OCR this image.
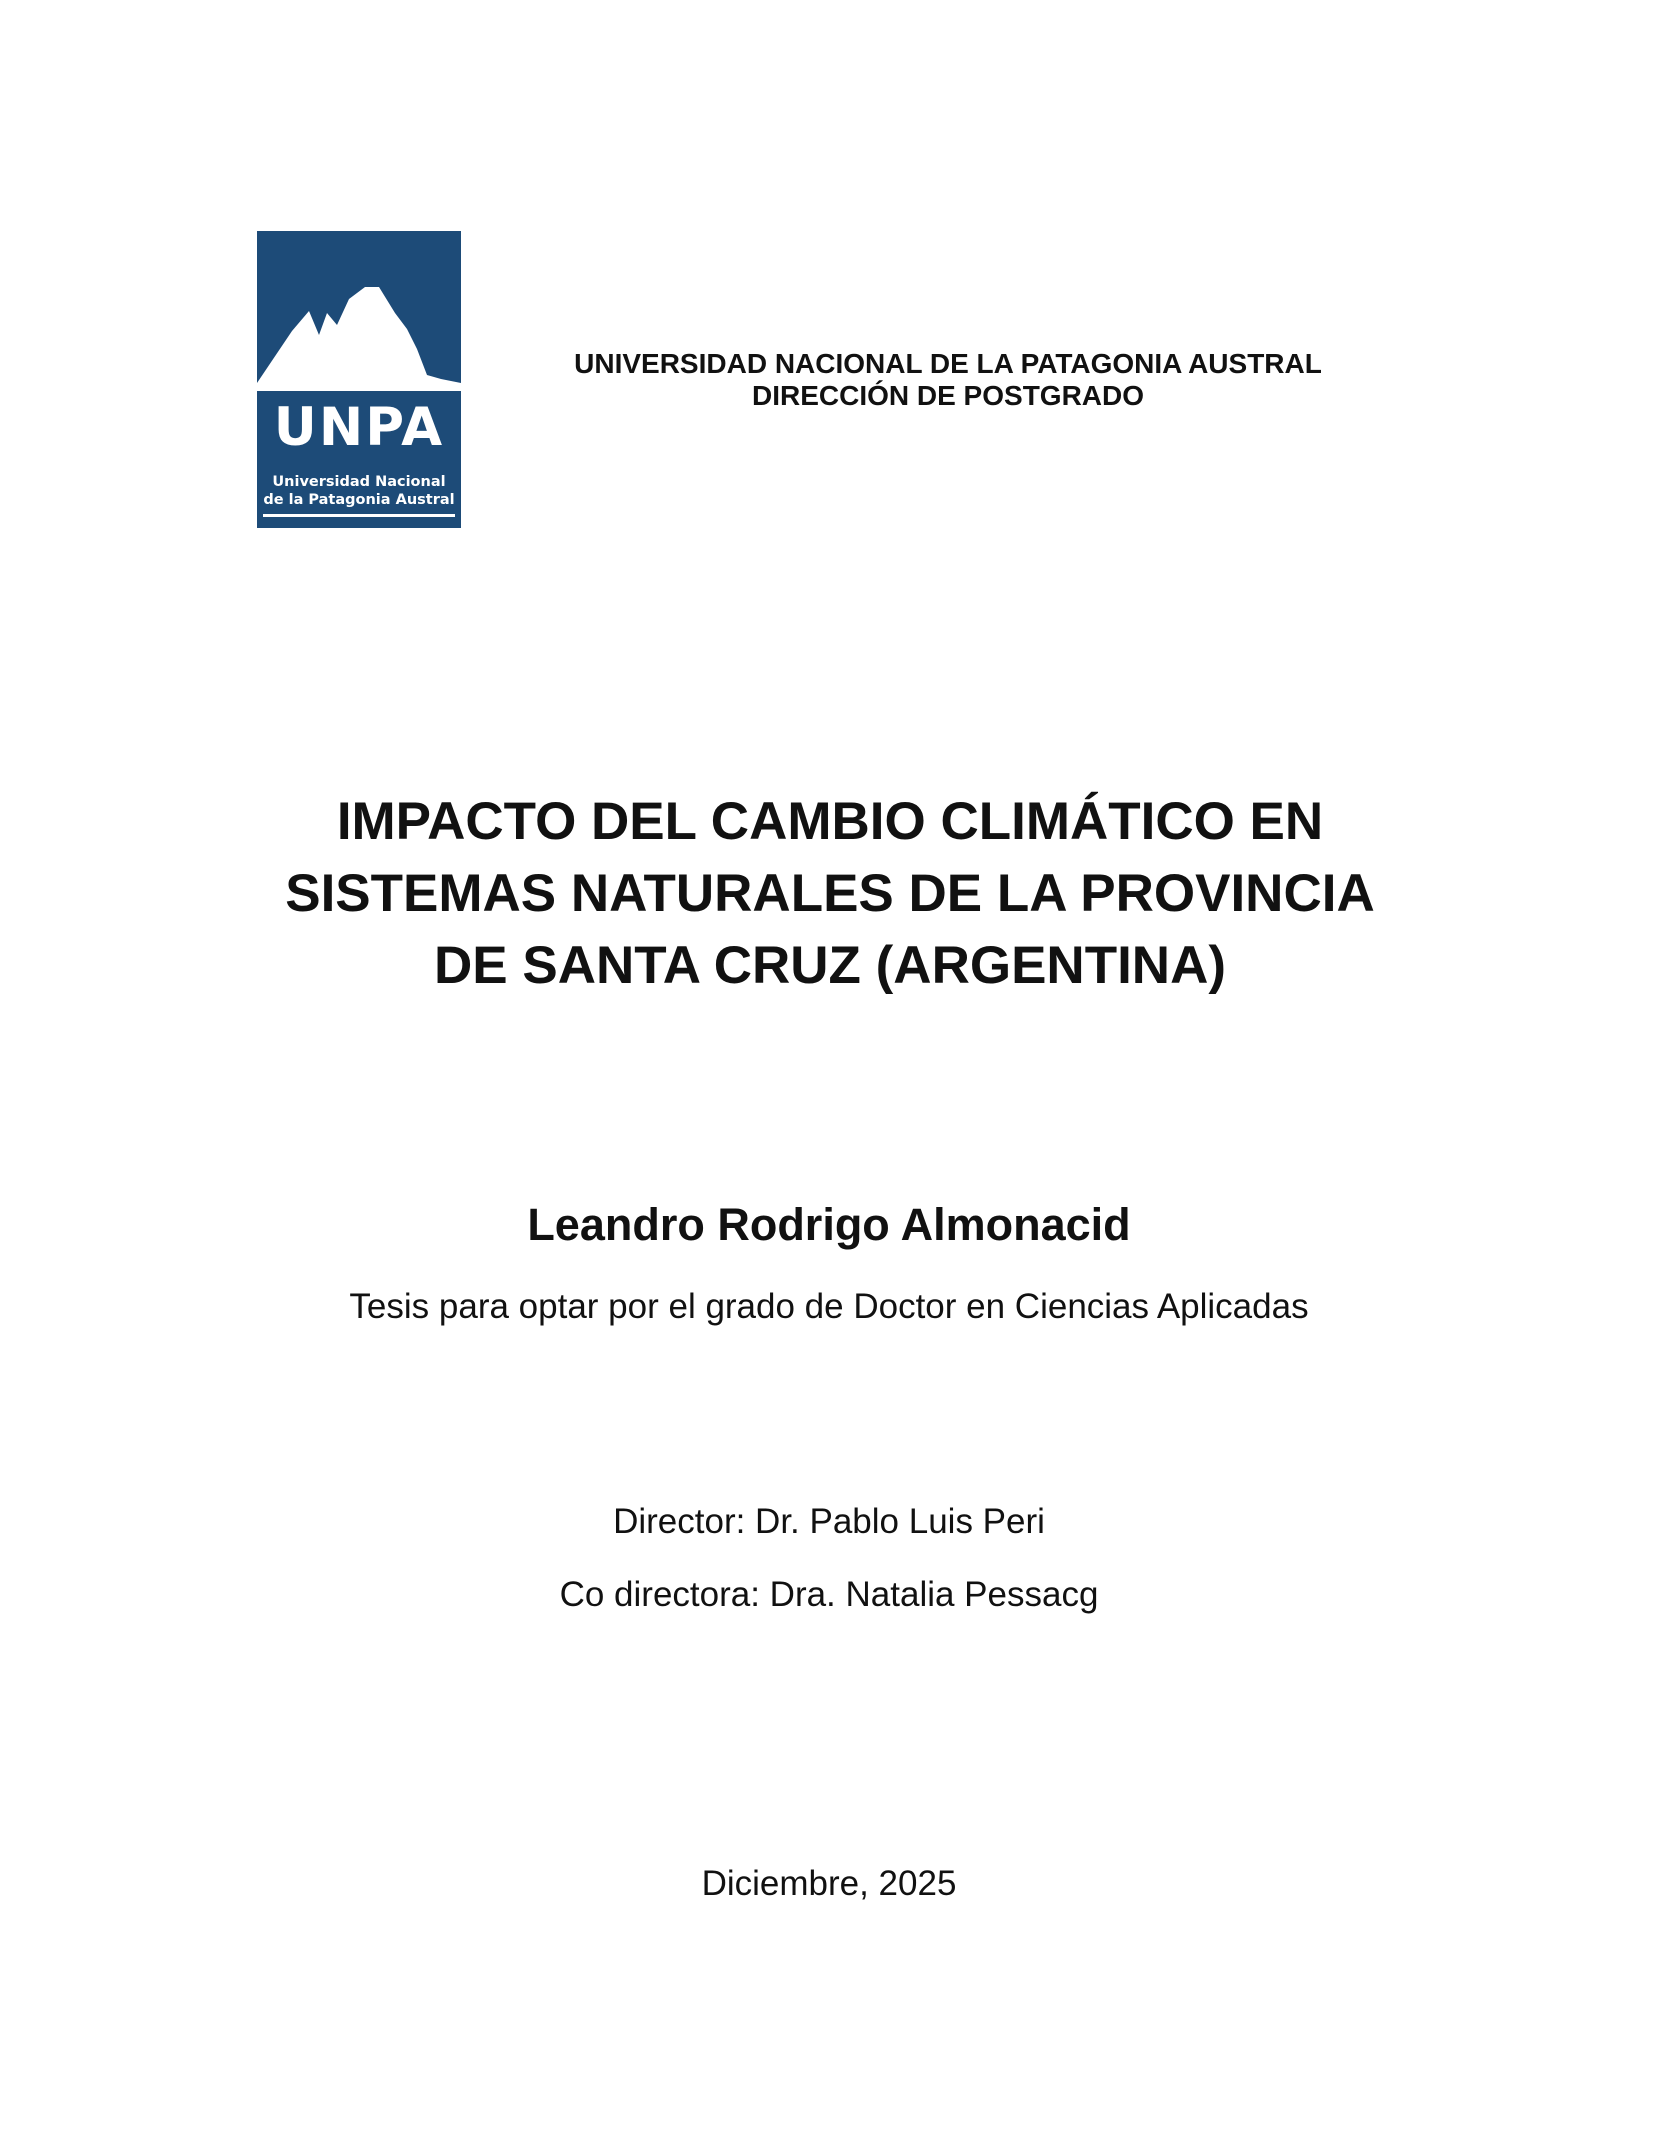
UNPA
Universidad Nacional
de la Patagonia Austral
UNIVERSIDAD NACIONAL DE LA PATAGONIA AUSTRAL
DIRECCIÓN DE POSTGRADO
IMPACTO DEL CAMBIO CLIMÁTICO EN
SISTEMAS NATURALES DE LA PROVINCIA
DE SANTA CRUZ (ARGENTINA)
Leandro Rodrigo Almonacid
Tesis para optar por el grado de Doctor en Ciencias Aplicadas
Director: Dr. Pablo Luis Peri
Co directora: Dra. Natalia Pessacg
Diciembre, 2025
